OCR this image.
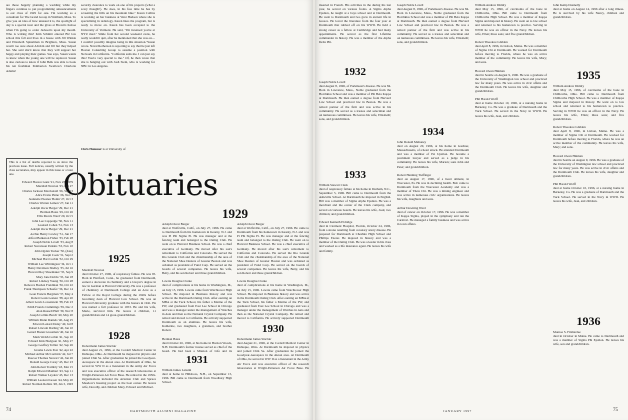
are those happily planning a wedding while my fingers continue to put programming announcements to our class of 1929 for one. I'm working as a consultant for The Grand Group in Waltham, Mass. To give you an idea of how unusual it is, the spotlight of day is a special treat and the gives at Brown's Koboe when I'm going to order Jackson's upon my mouth. Who is writing this? Kim Schmitt entered BU law school this fall and lives in a house with Jill Winkle and Elizabeth Spinelman in Brighton, Mass. Susan wasn't too sure about All-Kin and Jill but they helped her. She said she'd know that they will support her happy and playing their games. Sue says, Susan wants to know when the young one will be replaced. Susan is also curious to know if John Belk was able to book his ten freshman Pemberton Swallow's Charlotte Adams!
security clearance to work on one of his projects (what a scary thought!). He does, in his free time he has by screening the hills on his mountain bike." Karen Collins is working on her business at West Hudson where she is specializing in radiology. Karen likes the program, but is ready to move on. Karen has been accepted to the University of Vermont. He said, "I'm incensed you're at NYU med." Smile from her second weekend owns, he really wouldn't quit, after he mentioned that she was on—I couldn't possibly imagine being in this situation."Susan wrote. Naval Rotherson is reporting to say that he just left Boston Consulting Group to assume a position with Network in California. "California suits me. I can just say this! You're very special to me." Of, he then wrote that she is hanging out with Josh Stein, who is working for NBC in Los Angeles.
Chris Hummer is at University of
Obituaries
This is a list of deaths reported to us since the previous issue. Full notices, usually written by the class secretaries, may appear in this issue or a later one.
Edward Horace Ganz '21, Nov 23, 1979
Marshall Newton '25, Oct 27
Charles Jackson Macdonald '26, Sep 23
Alice Evans Pinne '26, Nov 7
Jeannette Eleanor Bonin '27, Oct 3
Charles Warren Lemon '27, Jan 11
Adolph Oscar Berger '29, Dec 21
Herman Bates '29, Oct 26
Ellis Morris Ward '29, Oct 5
John Lee Coppedge '30, Nov 11
Leonard Cohen '31, Nov 13
Adolph Oscar Berger '29, Dec 21
Archie Henry Cowley '31, Jun 17
Alfred Bankston Fisher '33, Feb 28
Joseph Noble Lovell '33, Aug 8
Robert Stevenson Perkins '33, Nov 10
John Ogden Tucker '30, (date)
Joseph Cook '31, Sept 2
Michael Hart Corbin '32, Oct 29
William Lee Whittington '34, Oct 1
Henry Davidson Shelley '35, Jul 16
Howard Roy Shoemaker '35, Sep 9
Mary Jane Dobbs '35, Jan 18
Robert Lindsey Young '36, Oct 28
Rebecca Borden Freidman '36, Oct 22
Frank Thompson Schaefer '36, Dec 14
Leon Francis Bergman '37, May 4
Robert Louis Lesieur '38, Apr 20
Albert Lewis Lowenstein '38, Feb 23
Edith Francis Cummings '39, Dec 2
Alan Russell Hull '39, Nov 8
Joseph Collins Burch '40, May 20
William Mann Daniels '40, Aug 25
Edward Lenard Daley '40, Jul 8
Robert Lincoln Darling '40, Jan 10
Gerard Bazen Grossman '40, Jan 16
Mark Welsh Corbin '41, Sep 10
Edward Kirk Hodgson '41, May 27
George Godfrey Tellier '42, Sep 26
Jerome Lewis Post '42, Apr 22
Michael Arthur McCormick '42, Jul 7
Roscoe Thomas Stewart '42, Jan 26
Donald George Carey '43, Dec 23
John Robert Trembly '43, Mar 15
Ralph Edward Manhart '43, Sep 11
Robert Walker Laydon '43, Dec 13
William Leonard Green '44, May 20
Robert Norman Robins '48, Jan 3, 1993
1925
Marshall Newton
died October 27, 1996, of respiratory failure. He was 95. Born in Hartford, Conn., he graduated from Dartmouth, earned a doctorate in chemistry and a lawyer's degree in law in German at Harvard University. He was a professor of chemistry at Dartmouth College and an Acre as a Fellow at the Royal College during the 1920s before becoming dean of Harvard Law School. He was an Harvard University graduate with the honors in 1941. He was named a full professor in 1953. He and his wife, Marie, survived him. He leaves 4 children, 11 grandchildren and 14 great-grandchildren.
1928
Dobermann James Sinclair
died August 21, 1996, at the Cordell Medical Center in Dubuque, Ohio. At Dartmouth he majored in physics and joined Chin Sa. After graduation he joined the Goodyear-Aerospace in the Akron area. At Dartmouth of Ohio, he served in WW II as a lieutenant in the Army Air Force and was executive officer of the research laboratories at Wright-Patterson Air Force Base. He retired in the 1950s. Organizations included the Aviation Club and Spruce Meadow's housing project as the boat owner. He leaves wife, Dorothy, and children Mary, Edward and Michael.
1929
Adolph Oscar Berger
died at Wolfsville, Calif., on July 27, 1996. He came to Dartmouth from his hometown in Kearny, N.J. and was Pi Phi Sigma Pi. He was manager and at the fencing team and belonged to the Outing Club. He went on to Harvard Business School. He was a chief executive of Germany. He moved after his son's retirement to California and Colorado. He served the Rio Grande Club and the chairmanship of the area of the National Shoe Dealers of Greater Boston and was ordained as president of Fund Corp. He served on the boards of several companies. He leaves his wife, Betty, and his son Robert and three grandchildren.

Lowrie Douglas Clarke
died of complications at his home in Washington, Ill., on July 15, 1996. Lowrie came from Watchtower High School. He majored in Business history and was active in the Dartmouth Outing Club. After earning an MBA at the Tuck School, his father a Marine of the PW, and graduated from East Lee School in Chicago and was a manager under the management of Watches in Asia and then as the National Crystal Company. He retired and moved to California. He actively supported Dartmouth as an alumnus. He leaves his wife, Katherine, two daughters, a grandson, and brother Robert.

Herman Bates
died October 26, 1996, at his home in Bretton Woods, N.H. Dartmouth's former trustee served as chief of the board. He had been a Mission of Life and its

Adolph Oscar Berger
died at Wolfsville, Calif., on July 27, 1996. He came to Dartmouth from his hometown in Kearny, N.J. and was Pi Phi Sigma Pi. He was manager and at the fencing team and belonged to the Outing Club. He went on to Harvard Business School. He was a chief executive of Germany. He moved after his son's retirement to California and Colorado. He served the Rio Grande Club and the chairmanship of the area of the National Shoe Dealers of Greater Boston and was ordained as president of Fund Corp. He served on the boards of several companies. He leaves his wife, Betty, and his son Robert and three grandchildren.

Lowrie Douglas Clarke
died of complications at his home in Washington, Ill., on July 15, 1996. Lowrie came from Watchtower High School. He majored in Business history and was active in the Dartmouth Outing Club. After earning an MBA at the Tuck School, his father a Marine of the PW, and graduated from East Lee School in Chicago and was a manager under the management of Watches in Asia and then as the National Crystal Company. He retired and moved to California. He actively supported Dartmouth

1930
Dobermann James Sinclair
died August 21, 1996, at the Cordell Medical Center in Dubuque, Ohio. At Dartmouth he majored in physics and joined Chin Sa. After graduation he joined the Goodyear-Aerospace in the Akron area. At Dartmouth of Ohio, he served in WW II as a lieutenant in the Army Air Force and was executive officer of the research laboratories at Wright-Patterson Air Force Base. He
1931
William James Lanstin
died at home in Hillsboro, N.H., on September 15, 1996. Bill came to Dartmouth from Woodbury High School.
74	DARTMOUTH ALUMNI MAGAZINE
inserted in French. His activities in the during his last year, he served on various fronts. A Sigma Alpha Epsilon, he taught at a boys school and at Dartmouth. He went to Dartmouth and two grew in ancient life in Greece. He loved the literature from the four year at Dartmouth that rubbed off on his WWII. He held a strong career as a fellow at Cambridge and had many appointments. He served as the first Lifetime commander in history. He was a member of the Alpha Delta Phi.
1932
Joseph Noble Lovell
died August 8, 1996, of Parkinson's disease. He was 84. Born in Lawrence, Mass., Noble graduated from the Hotchkiss School and was a member of Phi Beta Kappa at Dartmouth. He then earned a degree from Harvard Law School and practiced law in Boston. He was a retired partner of the firm and was active in his community. He served as a trustee and selectman and on numerous committees. He leaves his wife, Elizabeth; sons, and grandchildren.
1933
William Stewart Clark
died of respiratory failure at his home in Durham, N.C., September 5, 1996. Bill came to Dartmouth from the Asheville School. At Dartmouth he majored in English. Bill was a member of Sigma Alpha Epsilon. He was a merchant and the owner of the Clark company, and served on various boards. He leaves his wife, Joan; two children; and grandchildren.

Edward Kenneth Eldridge
died in Clermont Hospital, Florida, October 24, 1996, from a stroke resulting from coronary artery disease. He prepared for Dartmouth at Cheshire High School and Phillips Exeter. He majored in history and was a member of the Outing Club. He was a leader in his class and worked as a life insurance agent. He leaves his wife and family.
Joseph Noble Lovell
died August 8, 1996, of Parkinson's disease. He was 84. Born in Lawrence, Mass., Noble graduated from the Hotchkiss School and was a member of Phi Beta Kappa at Dartmouth. He then earned a degree from Harvard Law School and practiced law in Boston. He was a retired partner of the firm and was active in his community. He served as a trustee and selectman and on numerous committees. He leaves his wife, Elizabeth; sons, and grandchildren.
1934
John Donald Mahoney
died on August 20, 1996, at his home in Gardner, Massachusetts, of a heart attack. He attended Dartmouth and was a member of Psi Upsilon. He became a prominent lawyer and served as a judge in his community. He leaves his wife, Marion; sons John and Peter; and grandchildren.

Robert Henning Treffinger
died on August 17, 1996, of a heart ailment, in Worcester, Pa. He was in declining health. Bob came to Dartmouth from the Worcester Academy and was a member of Theta Chi. He was a mining engineer and was active in numerous civic organizations. He leaves his wife, daughters and sons.

Arthur Downing Ward
died of cancer on October 17, 1996. He was a member of Kappa Sigma, played in the symphony and ran the Carnival. He managed a family business and was active in town affairs.
William Andrew Dimity
died May 15, 1996, of carcinoma of the bone in Chillicothe, Ohio. Bill came to Dartmouth from Chillicothe High School. He was a member of Kappa Sigma and majored in history. He went on to law school and returned to his hometown to practice. Serving in WWII he was an officer in the Navy. He leaves his wife, Ellen; three sons; and five grandchildren.

Robert Theodore Glidden
died April 8, 1996, in Lisbon, Maine. He was a member of Sigma Chi at Dartmouth. He worked for Dartmouth before moving to Florida, where he was an active member of the community. He leaves his wife, Mary; and sons.

Howard Owen Hinman
died in Seattle on August 9, 1996. He was a graduate of the University of Washington law school and practiced law for many years. He was active in civic affairs and the Dartmouth Club. He leaves his wife, daughter and grandchildren.

Phil Harold Wolff
died at home October 10, 1996, at a nursing home in Berkeley, Ca. He was a graduate of Dartmouth and the Tuck School. He served in the Navy in WWII. He leaves his wife, Jean, and children.
John Kemp Donnelly
died at home on August 14, 1996 after a long illness. He is survived by his wife Nancy, children and grandchildren.
1935
William Andrew Dimity
died May 15, 1996, of carcinoma of the bone in Chillicothe, Ohio. Bill came to Dartmouth from Chillicothe High School. He was a member of Kappa Sigma and majored in history. He went on to law school and returned to his hometown to practice. Serving in WWII he was an officer in the Navy. He leaves his wife, Ellen; three sons; and five grandchildren.

Robert Theodore Glidden
died April 8, 1996, in Lisbon, Maine. He was a member of Sigma Chi at Dartmouth. He worked for Dartmouth before moving to Florida, where he was an active member of the community. He leaves his wife, Mary; and sons.

Howard Owen Hinman
died in Seattle on August 9, 1996. He was a graduate of the University of Washington law school and practiced law for many years. He was active in civic affairs and the Dartmouth Club. He leaves his wife, daughter and grandchildren.

Phil Harold Wolff
died at home October 10, 1996, at a nursing home in Berkeley, Ca. He was a graduate of Dartmouth and the Tuck School. He served in the Navy in WWII. He leaves his wife, Jean, and children.
1936
Monroe S. Fitzhardee
died in October in Maine. He came to Dartmouth and was a member of Sigma Phi Epsilon. He leaves his wife, son and grandchildren.
JANUARY 1997	75
